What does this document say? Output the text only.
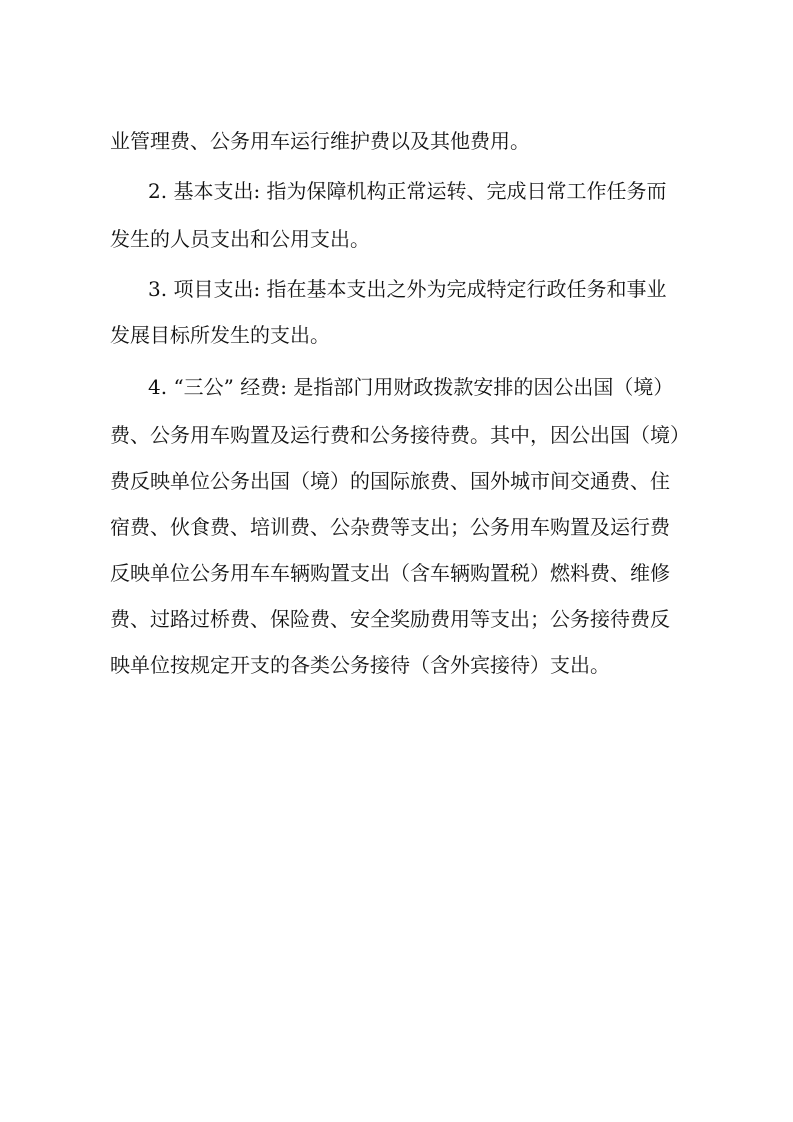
业管理费、公务用车运行维护费以及其他费用。

2. 基本支出: 指为保障机构正常运转、完成日常工作任务而

发生的人员支出和公用支出。

3. 项目支出: 指在基本支出之外为完成特定行政任务和事业

发展目标所发生的支出。

4. “三公” 经费: 是指部门用财政拨款安排的因公出国（境）

费、公务用车购置及运行费和公务接待费。其中，因公出国（境）

费反映单位公务出国（境）的国际旅费、国外城市间交通费、住

宿费、伙食费、培训费、公杂费等支出；公务用车购置及运行费

反映单位公务用车车辆购置支出（含车辆购置税）燃料费、维修

费、过路过桥费、保险费、安全奖励费用等支出；公务接待费反

映单位按规定开支的各类公务接待（含外宾接待）支出。
